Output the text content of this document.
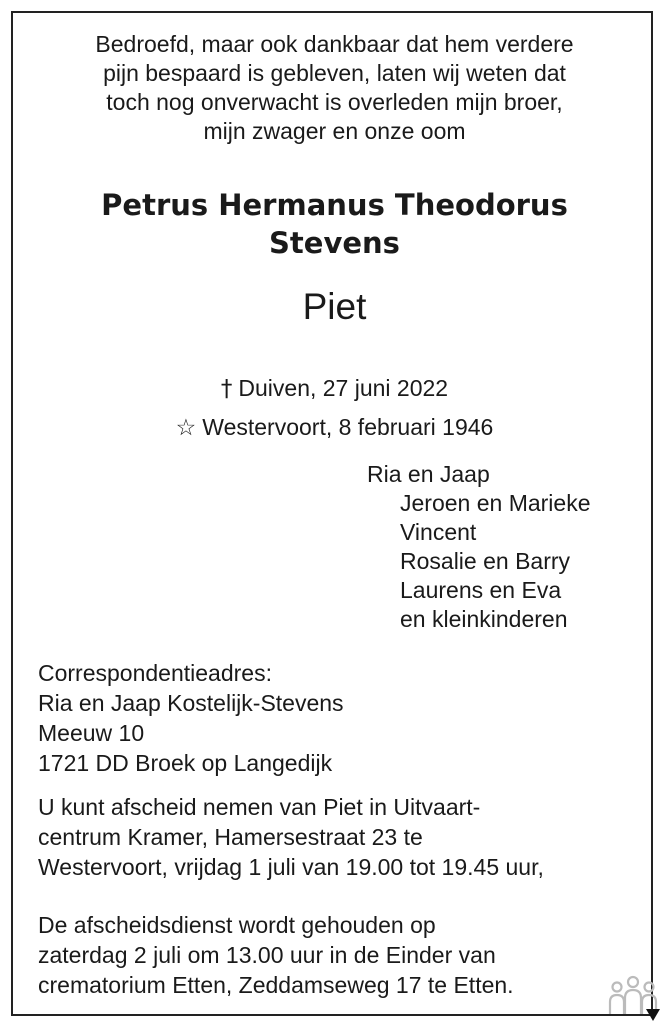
Bedroefd, maar ook dankbaar dat hem verdere
pijn bespaard is gebleven, laten wij weten dat
toch nog onverwacht is overleden mijn broer,
mijn zwager en onze oom
Petrus Hermanus Theodorus
Stevens
Piet
† Duiven, 27 juni 2022
☆ Westervoort, 8 februari 1946
Ria en Jaap
Jeroen en Marieke
Vincent
Rosalie en Barry
Laurens en Eva
en kleinkinderen
Correspondentieadres:
Ria en Jaap Kostelijk-Stevens
Meeuw 10
1721 DD Broek op Langedijk
U kunt afscheid nemen van Piet in Uitvaart-
centrum Kramer, Hamersestraat 23 te
Westervoort, vrijdag 1 juli van 19.00 tot 19.45 uur,
De afscheidsdienst wordt gehouden op
zaterdag 2 juli om 13.00 uur in de Einder van
crematorium Etten, Zeddamseweg 17 te Etten.
